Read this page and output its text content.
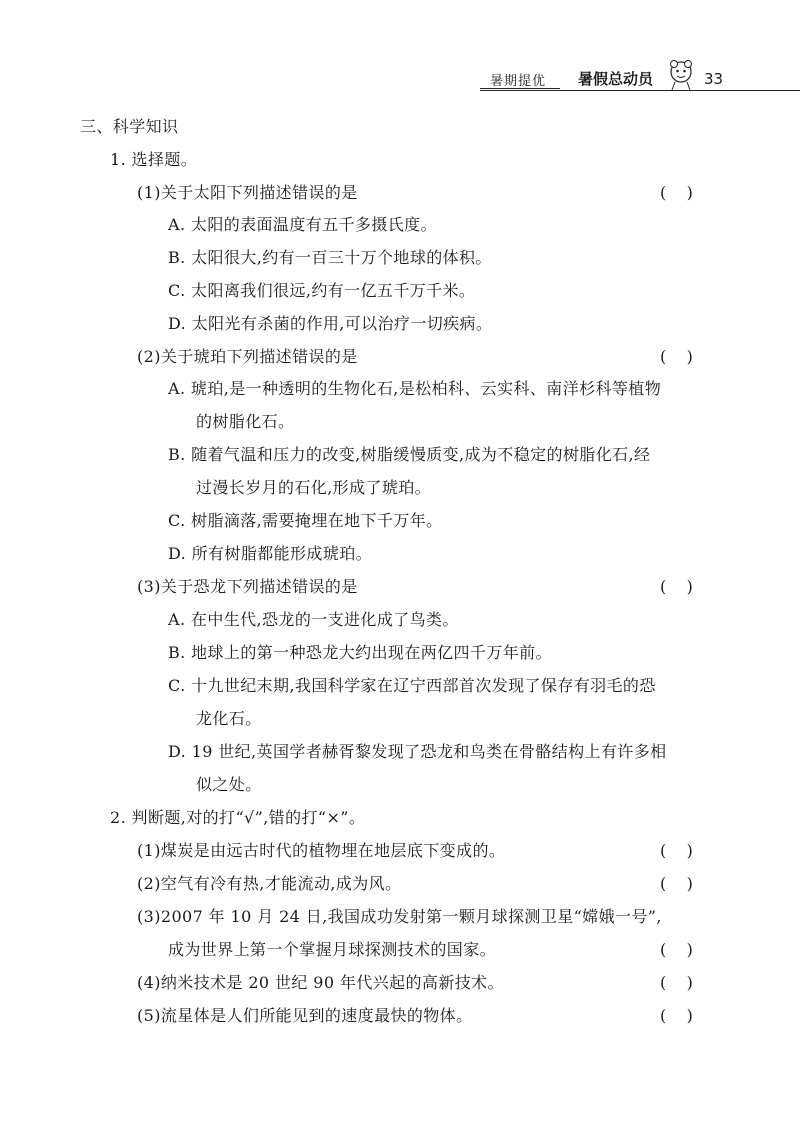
暑期提优 暑假总动员	33
三、科学知识
1. 选择题。
(1)关于太阳下列描述错误的是	(    )
A. 太阳的表面温度有五千多摄氏度。
B. 太阳很大,约有一百三十万个地球的体积。
C. 太阳离我们很远,约有一亿五千万千米。
D. 太阳光有杀菌的作用,可以治疗一切疾病。
(2)关于琥珀下列描述错误的是	(    )
A. 琥珀,是一种透明的生物化石,是松柏科、云实科、南洋杉科等植物
的树脂化石。
B. 随着气温和压力的改变,树脂缓慢质变,成为不稳定的树脂化石,经
过漫长岁月的石化,形成了琥珀。
C. 树脂滴落,需要掩埋在地下千万年。
D. 所有树脂都能形成琥珀。
(3)关于恐龙下列描述错误的是	(    )
A. 在中生代,恐龙的一支进化成了鸟类。
B. 地球上的第一种恐龙大约出现在两亿四千万年前。
C. 十九世纪末期,我国科学家在辽宁西部首次发现了保存有羽毛的恐
龙化石。
D. 19 世纪,英国学者赫胥黎发现了恐龙和鸟类在骨骼结构上有许多相
似之处。
2. 判断题,对的打“√”,错的打“×”。
(1)煤炭是由远古时代的植物埋在地层底下变成的。	(    )
(2)空气有冷有热,才能流动,成为风。	(    )
(3)2007 年 10 月 24 日,我国成功发射第一颗月球探测卫星“嫦娥一号”,
成为世界上第一个掌握月球探测技术的国家。	(    )
(4)纳米技术是 20 世纪 90 年代兴起的高新技术。	(    )
(5)流星体是人们所能见到的速度最快的物体。	(    )
